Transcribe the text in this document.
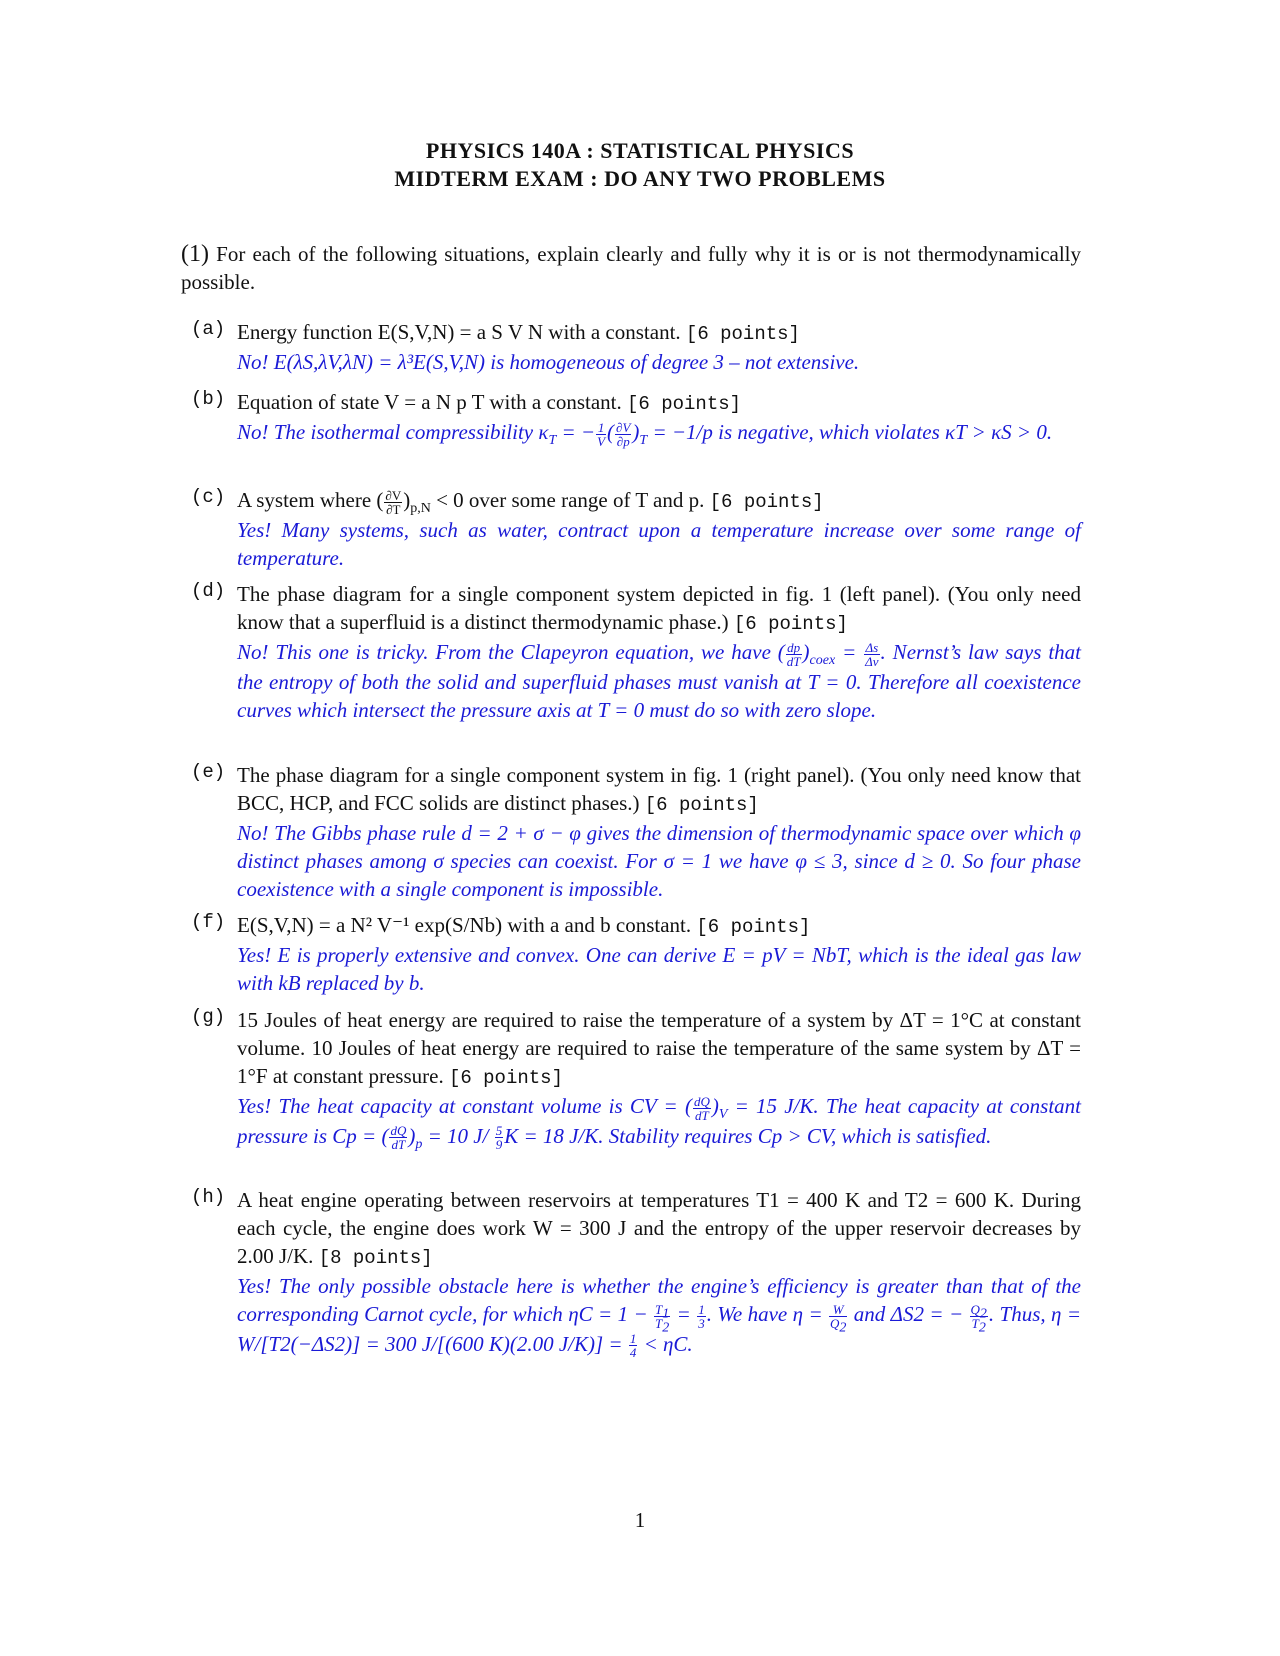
PHYSICS 140A : STATISTICAL PHYSICS
MIDTERM EXAM : DO ANY TWO PROBLEMS
(1) For each of the following situations, explain clearly and fully why it is or is not thermodynamically possible.
(a) Energy function E(S,V,N) = a S V N with a constant. [6 points]
No! E(λS,λV,λN) = λ³E(S,V,N) is homogeneous of degree 3 – not extensive.
(b) Equation of state V = a N p T with a constant. [6 points]
No! The isothermal compressibility $\kappa_T$ = − $\frac{1}{V}$ ( $\frac{\partial V}{\partial p} )_T = -1/p$ is negative, which violates κT > κS > 0.
(c) A system where ( $\frac{\partial V}{\partial T} )_{p,N} < 0$ over some range of T and p. [6 points]
Yes! Many systems, such as water, contract upon a temperature increase over some range of temperature.
(d) The phase diagram for a single component system depicted in fig. 1 (left panel). (You only need know that a superfluid is a distinct thermodynamic phase.) [6 points]
No! This one is tricky. From the Clapeyron equation, we have ( $\frac{dp}{dT} )_{coex} = \frac{\Delta s}{\Delta v}$ . Nernst’s law says that the entropy of both the solid and superfluid phases must vanish at T = 0. Therefore all coexistence curves which intersect the pressure axis at T = 0 must do so with zero slope.
(e) The phase diagram for a single component system in fig. 1 (right panel). (You only need know that BCC, HCP, and FCC solids are distinct phases.) [6 points]
No! The Gibbs phase rule d = 2 + σ − φ gives the dimension of thermodynamic space over which φ distinct phases among σ species can coexist. For σ = 1 we have φ ≤ 3, since d ≥ 0. So four phase coexistence with a single component is impossible.
(f) E(S,V,N) = a N² V⁻¹ exp(S/Nb) with a and b constant. [6 points]
Yes! E is properly extensive and convex. One can derive E = pV = NbT, which is the ideal gas law with kB replaced by b.
(g) 15 Joules of heat energy are required to raise the temperature of a system by ΔT = 1°C at constant volume. 10 Joules of heat energy are required to raise the temperature of the same system by ΔT = 1°F at constant pressure. [6 points]
Yes! The heat capacity at constant volume is CV = ( $\frac{dQ}{dT} )_V = 15$ J/K. The heat capacity at constant pressure is Cp = ( $\frac{dQ}{dT} )_p = 10$ $J/ \frac{5}{9}$ K = 18 J/K. Stability requires Cp > CV, which is satisfied.
(h) A heat engine operating between reservoirs at temperatures T1 = 400 K and T2 = 600 K. During each cycle, the engine does work W = 300 J and the entropy of the upper reservoir decreases by 2.00 J/K. [8 points]
Yes! The only possible obstacle here is whether the engine’s efficiency is greater than that of the corresponding Carnot cycle, for which $\eta C = 1 - \frac{T_1}{T_2} = \frac{1}{3}$ . We have $\eta = \frac{W}{Q_2}$ and ΔS2 = − $\frac{Q_2}{T_2}$ . Thus, η = W/[T2(−ΔS2)] = 300 J/[(600 K)(2.00 $J/K)] = \frac{1}{4} < \eta C$.
1
